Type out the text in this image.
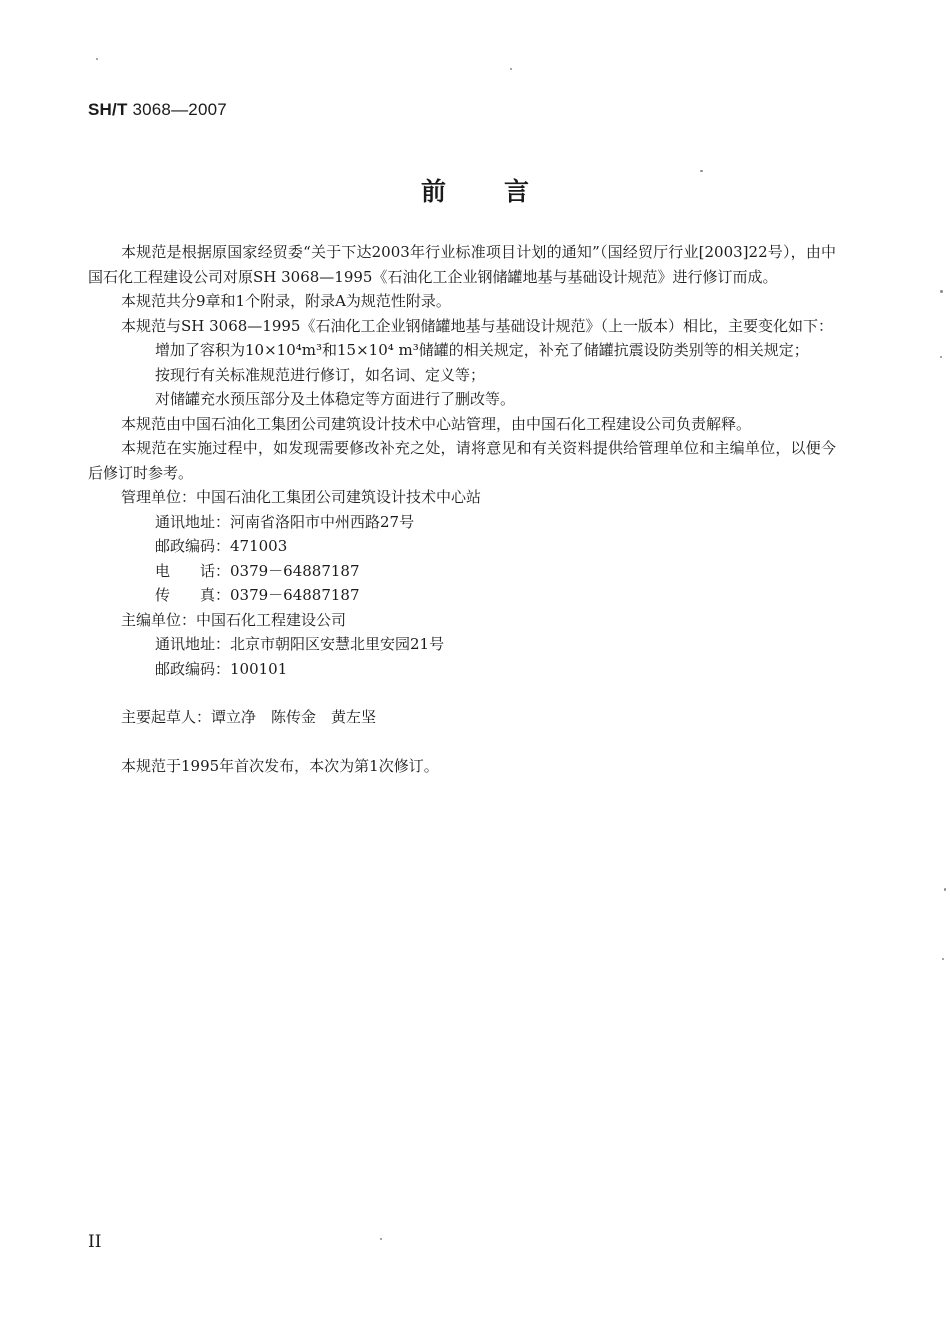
SH/T 3068—2007
前言

本规范是根据原国家经贸委“关于下达2003年行业标准项目计划的通知”（国经贸厅行业[2003]22号），由中国石化工程建设公司对原SH 3068—1995《石油化工企业钢储罐地基与基础设计规范》进行修订而成。

本规范共分9章和1个附录，附录A为规范性附录。

本规范与SH 3068—1995《石油化工企业钢储罐地基与基础设计规范》（上一版本）相比，主要变化如下：

增加了容积为10×10⁴m³和15×10⁴ m³储罐的相关规定，补充了储罐抗震设防类别等的相关规定；

按现行有关标准规范进行修订，如名词、定义等；

对储罐充水预压部分及土体稳定等方面进行了删改等。

本规范由中国石油化工集团公司建筑设计技术中心站管理，由中国石化工程建设公司负责解释。

本规范在实施过程中，如发现需要修改补充之处，请将意见和有关资料提供给管理单位和主编单位，以便今后修订时参考。

管理单位：中国石油化工集团公司建筑设计技术中心站

通讯地址：河南省洛阳市中州西路27号

邮政编码：471003

电　　话：0379－64887187

传　　真：0379－64887187

主编单位：中国石化工程建设公司

通讯地址：北京市朝阳区安慧北里安园21号

邮政编码：100101

主要起草人：谭立净　陈传金　黄左坚

本规范于1995年首次发布，本次为第1次修订。

II
